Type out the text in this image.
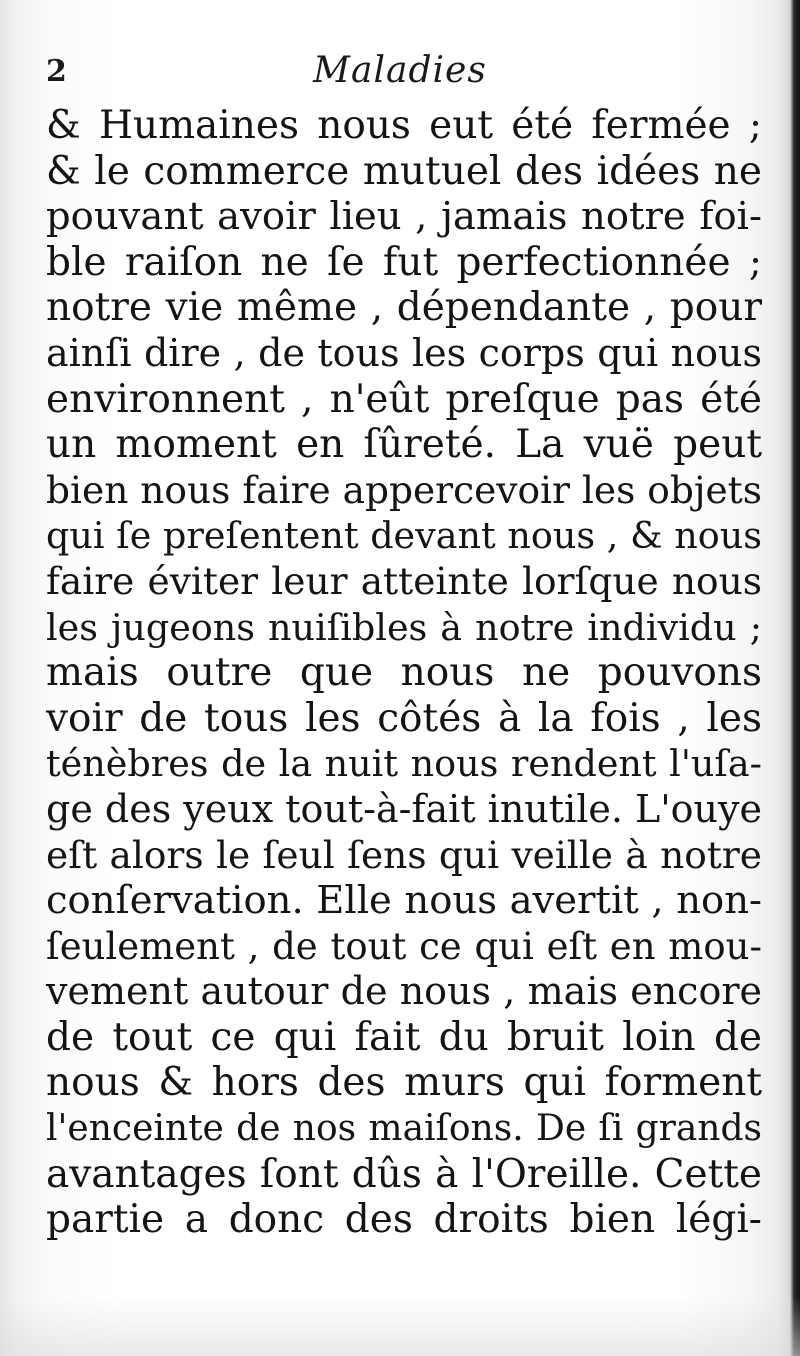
2	Maladies
& Humaines nous eut été fermée ;
& le commerce mutuel des idées ne
pouvant avoir lieu , jamais notre foi-
ble raiſon ne ſe fut perfectionnée ;
notre vie même , dépendante , pour
ainſi dire , de tous les corps qui nous
environnent , n'eût preſque pas été
un moment en ſûreté. La vuë peut
bien nous faire appercevoir les objets
qui ſe preſentent devant nous , & nous
faire éviter leur atteinte lorſque nous
les jugeons nuiſibles à notre individu ;
mais outre que nous ne pouvons
voir de tous les côtés à la fois , les
ténèbres de la nuit nous rendent l'uſa-
ge des yeux tout-à-fait inutile. L'ouye
eſt alors le ſeul ſens qui veille à notre
conſervation. Elle nous avertit , non-
ſeulement , de tout ce qui eſt en mou-
vement autour de nous , mais encore
de tout ce qui fait du bruit loin de
nous & hors des murs qui forment
l'enceinte de nos maiſons. De ſi grands
avantages ſont dûs à l'Oreille. Cette
partie a donc des droits bien légi-
